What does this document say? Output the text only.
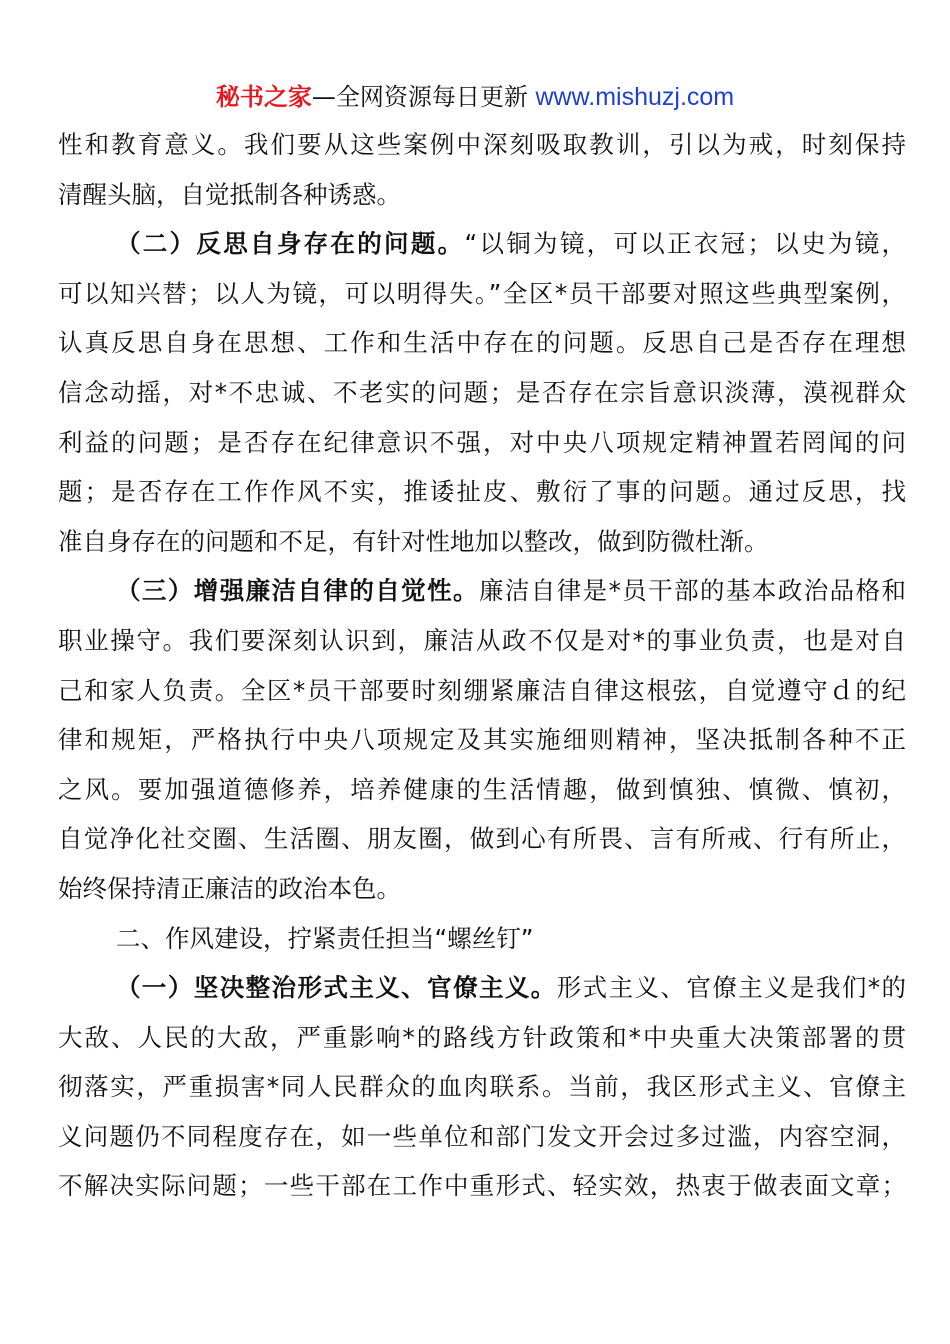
秘书之家—全网资源每日更新 www.mishuzj.com
性和教育意义。我们要从这些案例中深刻吸取教训，引以为戒，时刻保持
清醒头脑，自觉抵制各种诱惑。
（二）反思自身存在的问题。“以铜为镜，可以正衣冠；以史为镜，
可以知兴替；以人为镜，可以明得失。”全区*员干部要对照这些典型案例，
认真反思自身在思想、工作和生活中存在的问题。反思自己是否存在理想
信念动摇，对*不忠诚、不老实的问题；是否存在宗旨意识淡薄，漠视群众
利益的问题；是否存在纪律意识不强，对中央八项规定精神置若罔闻的问
题；是否存在工作作风不实，推诿扯皮、敷衍了事的问题。通过反思，找
准自身存在的问题和不足，有针对性地加以整改，做到防微杜渐。
（三）增强廉洁自律的自觉性。廉洁自律是*员干部的基本政治品格和
职业操守。我们要深刻认识到，廉洁从政不仅是对*的事业负责，也是对自
己和家人负责。全区*员干部要时刻绷紧廉洁自律这根弦，自觉遵守ｄ的纪
律和规矩，严格执行中央八项规定及其实施细则精神，坚决抵制各种不正
之风。要加强道德修养，培养健康的生活情趣，做到慎独、慎微、慎初，
自觉净化社交圈、生活圈、朋友圈，做到心有所畏、言有所戒、行有所止，
始终保持清正廉洁的政治本色。
二、作风建设，拧紧责任担当“螺丝钉”
（一）坚决整治形式主义、官僚主义。形式主义、官僚主义是我们*的
大敌、人民的大敌，严重影响*的路线方针政策和*中央重大决策部署的贯
彻落实，严重损害*同人民群众的血肉联系。当前，我区形式主义、官僚主
义问题仍不同程度存在，如一些单位和部门发文开会过多过滥，内容空洞，
不解决实际问题；一些干部在工作中重形式、轻实效，热衷于做表面文章；
